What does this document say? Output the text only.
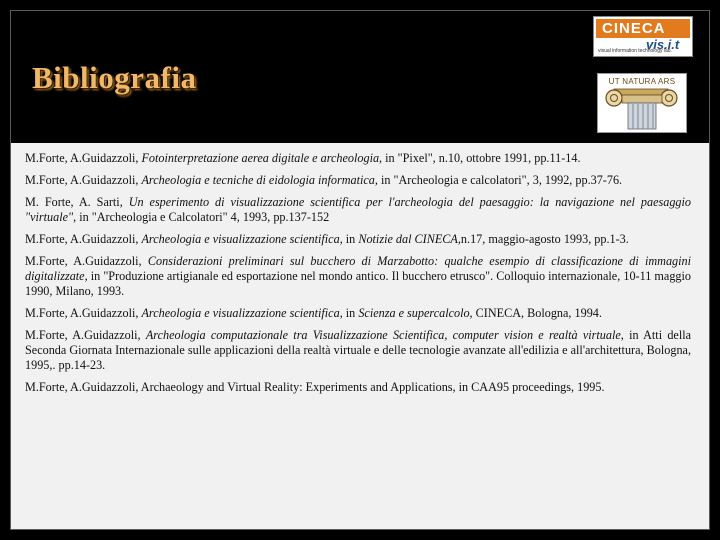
Bibliografia
CINECA
vis.i.t
visual information technology lab.
UT NATURA ARS

M.Forte, A.Guidazzoli, Fotointerpretazione aerea digitale e archeologia, in "Pixel", n.10, ottobre 1991, pp.11-14.

M.Forte, A.Guidazzoli, Archeologia e tecniche di eidologia informatica, in "Archeologia e calcolatori", 3, 1992, pp.37-76.

M. Forte, A. Sarti, Un esperimento di visualizzazione scientifica per l'archeologia del paesaggio: la navigazione nel paesaggio "virtuale", in "Archeologia e Calcolatori" 4, 1993, pp.137-152

M.Forte, A.Guidazzoli, Archeologia e visualizzazione scientifica, in Notizie dal CINECA,n.17, maggio-agosto 1993, pp.1-3.

M.Forte, A.Guidazzoli, Considerazioni preliminari sul bucchero di Marzabotto: qualche esempio di classificazione di immagini digitalizzate, in "Produzione artigianale ed esportazione nel mondo antico. Il bucchero etrusco". Colloquio internazionale, 10-11 maggio 1990, Milano, 1993.

M.Forte, A.Guidazzoli, Archeologia e visualizzazione scientifica, in Scienza e supercalcolo, CINECA, Bologna, 1994.

M.Forte, A.Guidazzoli, Archeologia computazionale tra Visualizzazione Scientifica, computer vision e realtà virtuale, in Atti della Seconda Giornata Internazionale sulle applicazioni della realtà virtuale e delle tecnologie avanzate all'edilizia e all'architettura, Bologna, 1995,. pp.14-23.

M.Forte, A.Guidazzoli, Archaeology and Virtual Reality: Experiments and Applications, in CAA95 proceedings, 1995.
